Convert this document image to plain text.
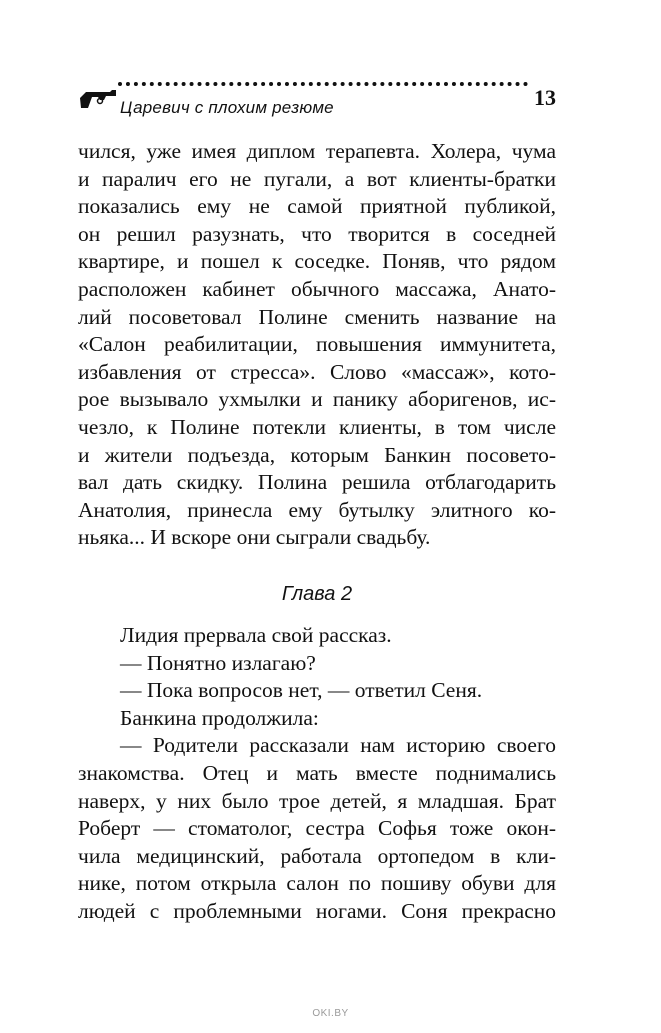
Царевич с плохим резюме	13
чился, уже имея диплом терапевта. Холера, чума
и паралич его не пугали, а вот клиенты-братки
показались ему не самой приятной публикой,
он решил разузнать, что творится в соседней
квартире, и пошел к соседке. Поняв, что рядом
расположен кабинет обычного массажа, Анато-
лий посоветовал Полине сменить название на
«Салон реабилитации, повышения иммунитета,
избавления от стресса». Слово «массаж», кото-
рое вызывало ухмылки и панику аборигенов, ис-
чезло, к Полине потекли клиенты, в том числе
и жители подъезда, которым Банкин посовето-
вал дать скидку. Полина решила отблагодарить
Анатолия, принесла ему бутылку элитного ко-
ньяка... И вскоре они сыграли свадьбу.
Глава 2
Лидия прервала свой рассказ.
— Понятно излагаю?
— Пока вопросов нет, — ответил Сеня.
Банкина продолжила:
— Родители рассказали нам историю своего
знакомства. Отец и мать вместе поднимались
наверх, у них было трое детей, я младшая. Брат
Роберт — стоматолог, сестра Софья тоже окон-
чила медицинский, работала ортопедом в кли-
нике, потом открыла салон по пошиву обуви для
людей с проблемными ногами. Соня прекрасно
OKI.BY
